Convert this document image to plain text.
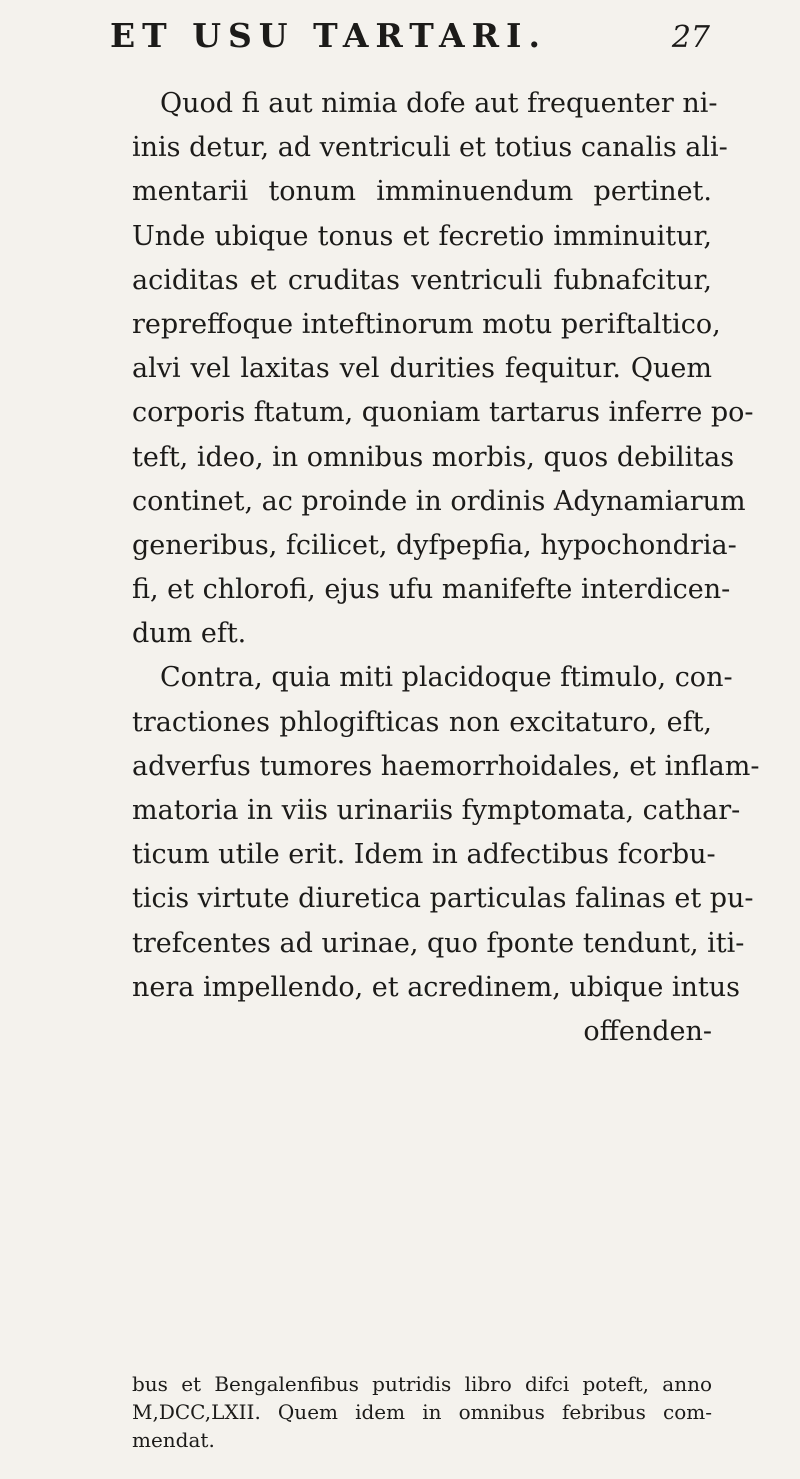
ET USU TARTARI.	27
Quod fi aut nimia dofe aut frequenter ni-
inis detur, ad ventriculi et totius canalis ali-
mentarii tonum imminuendum pertinet.
Unde ubique tonus et fecretio imminuitur,
aciditas et cruditas ventriculi fubnafcitur,
repreffoque inteftinorum motu periftaltico,
alvi vel laxitas vel durities fequitur. Quem
corporis ftatum, quoniam tartarus inferre po-
teft, ideo, in omnibus morbis, quos debilitas
continet, ac proinde in ordinis Adynamiarum
generibus, fcilicet, dyfpepfia, hypochondria-
fi, et chlorofi, ejus ufu manifefte interdicen-
dum eft.
Contra, quia miti placidoque ftimulo, con-
tractiones phlogifticas non excitaturo, eft,
adverfus tumores haemorrhoidales, et inflam-
matoria in viis urinariis fymptomata, cathar-
ticum utile erit. Idem in adfectibus fcorbu-
ticis virtute diuretica particulas falinas et pu-
trefcentes ad urinae, quo fponte tendunt, iti-
nera impellendo, et acredinem, ubique intus
offenden-
bus et Bengalenfibus putridis libro difci poteft, anno
M,DCC,LXII. Quem idem in omnibus febribus com-
mendat.
